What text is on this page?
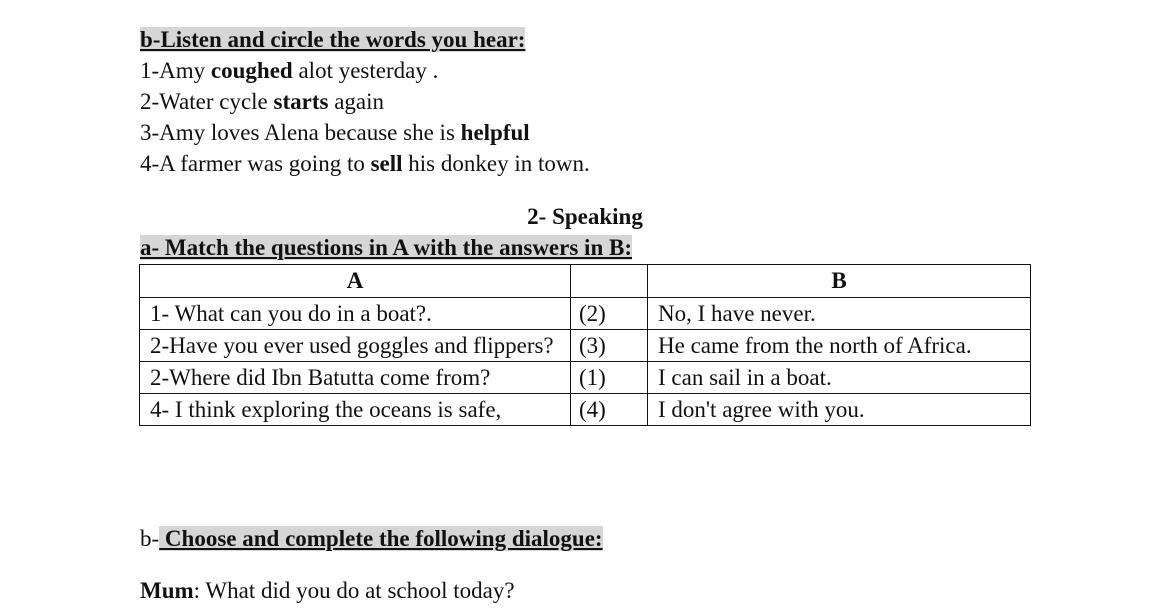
b-Listen and circle the words you hear:
1-Amy coughed alot yesterday .
2-Water cycle starts again
3-Amy loves Alena because she is helpful
4-A farmer was going to sell his donkey in town.
2- Speaking
a- Match the questions in A with the answers in B:
A		B
1- What can you do in a boat?.	(2)	No, I have never.
2-Have you ever used goggles and flippers?	(3)	He came from the north of Africa.
2-Where did Ibn Batutta come from?	(1)	I can sail in a boat.
4- I think exploring the oceans is safe,	(4)	I don't agree with you.
b- Choose and complete the following dialogue:
Mum: What did you do at school today?
